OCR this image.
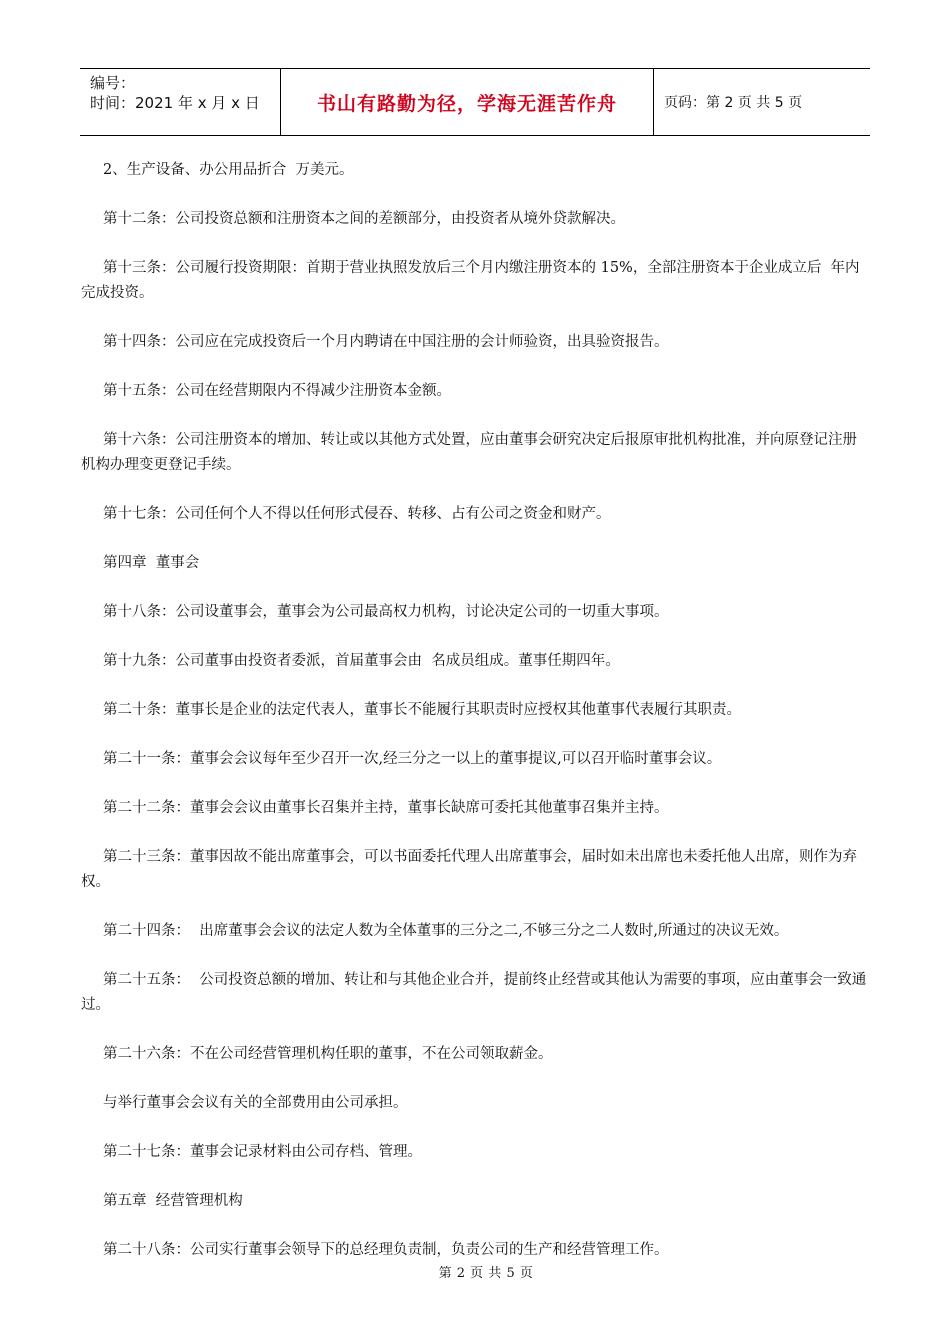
编号：
时间：2021 年 x 月 x 日	书山有路勤为径，学海无涯苦作舟	页码：第 2 页 共 5 页

2、生产设备、办公用品折合  万美元。

第十二条：公司投资总额和注册资本之间的差额部分，由投资者从境外贷款解决。

第十三条：公司履行投资期限：首期于营业执照发放后三个月内缴注册资本的 15%，全部注册资本于企业成立后  年内完成投资。

第十四条：公司应在完成投资后一个月内聘请在中国注册的会计师验资，出具验资报告。

第十五条：公司在经营期限内不得减少注册资本金额。

第十六条：公司注册资本的增加、转让或以其他方式处置，应由董事会研究决定后报原审批机构批准，并向原登记注册机构办理变更登记手续。

第十七条：公司任何个人不得以任何形式侵吞、转移、占有公司之资金和财产。

第四章  董事会

第十八条：公司设董事会，董事会为公司最高权力机构，讨论决定公司的一切重大事项。

第十九条：公司董事由投资者委派，首届董事会由  名成员组成。董事任期四年。

第二十条：董事长是企业的法定代表人，董事长不能履行其职责时应授权其他董事代表履行其职责。

第二十一条：董事会会议每年至少召开一次,经三分之一以上的董事提议,可以召开临时董事会议。

第二十二条：董事会会议由董事长召集并主持，董事长缺席可委托其他董事召集并主持。

第二十三条：董事因故不能出席董事会，可以书面委托代理人出席董事会，届时如未出席也未委托他人出席，则作为弃权。

第二十四条：  出席董事会会议的法定人数为全体董事的三分之二,不够三分之二人数时,所通过的决议无效。

第二十五条：  公司投资总额的增加、转让和与其他企业合并，提前终止经营或其他认为需要的事项，应由董事会一致通过。

第二十六条：不在公司经营管理机构任职的董事，不在公司领取薪金。

与举行董事会会议有关的全部费用由公司承担。

第二十七条：董事会记录材料由公司存档、管理。

第五章  经营管理机构

第二十八条：公司实行董事会领导下的总经理负责制，负责公司的生产和经营管理工作。

第 2 页 共 5 页
